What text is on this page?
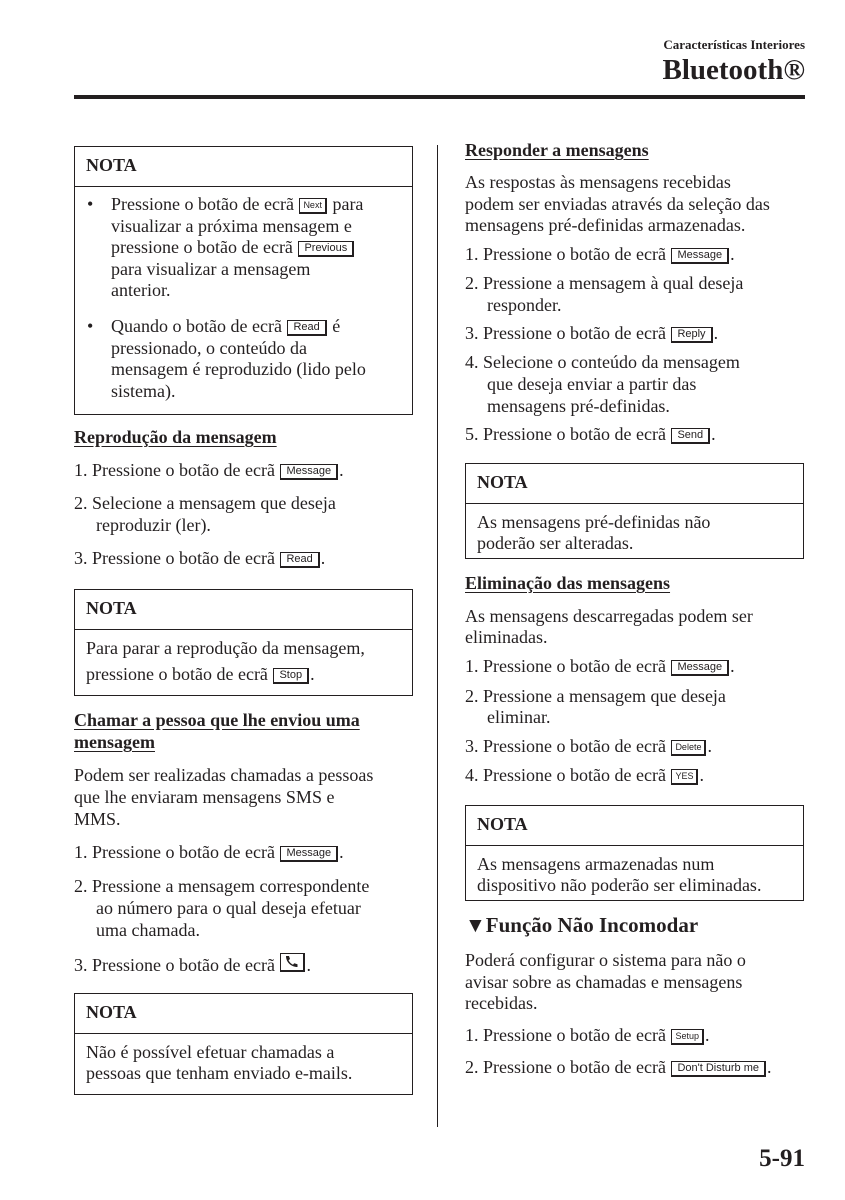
Características Interiores
Bluetooth®
NOTA
• Pressione o botão de ecrã Next para
visualizar a próxima mensagem e
pressione o botão de ecrã Previous
para visualizar a mensagem
anterior.
• Quando o botão de ecrã Read é
pressionado, o conteúdo da
mensagem é reproduzido (lido pelo
sistema).
Reprodução da mensagem
1. Pressione o botão de ecrã Message .
2. Selecione a mensagem que deseja
reproduzir (ler).
3. Pressione o botão de ecrã Read .
NOTA
Para parar a reprodução da mensagem,
pressione o botão de ecrã Stop .
Chamar a pessoa que lhe enviou uma
mensagem
Podem ser realizadas chamadas a pessoas
que lhe enviaram mensagens SMS e
MMS.
1. Pressione o botão de ecrã Message .
2. Pressione a mensagem correspondente
ao número para o qual deseja efetuar
uma chamada.
3. Pressione o botão de ecrã .
NOTA
Não é possível efetuar chamadas a
pessoas que tenham enviado e-mails.
Responder a mensagens
As respostas às mensagens recebidas
podem ser enviadas através da seleção das
mensagens pré-definidas armazenadas.
1. Pressione o botão de ecrã Message .
2. Pressione a mensagem à qual deseja
responder.
3. Pressione o botão de ecrã Reply .
4. Selecione o conteúdo da mensagem
que deseja enviar a partir das
mensagens pré-definidas.
5. Pressione o botão de ecrã Send .
NOTA
As mensagens pré-definidas não
poderão ser alteradas.
Eliminação das mensagens
As mensagens descarregadas podem ser
eliminadas.
1. Pressione o botão de ecrã Message .
2. Pressione a mensagem que deseja
eliminar.
3. Pressione o botão de ecrã Delete .
4. Pressione o botão de ecrã YES .
NOTA
As mensagens armazenadas num
dispositivo não poderão ser eliminadas.
▼Função Não Incomodar
Poderá configurar o sistema para não o
avisar sobre as chamadas e mensagens
recebidas.
1. Pressione o botão de ecrã Setup .
2. Pressione o botão de ecrã Don't Disturb me .
5-91
